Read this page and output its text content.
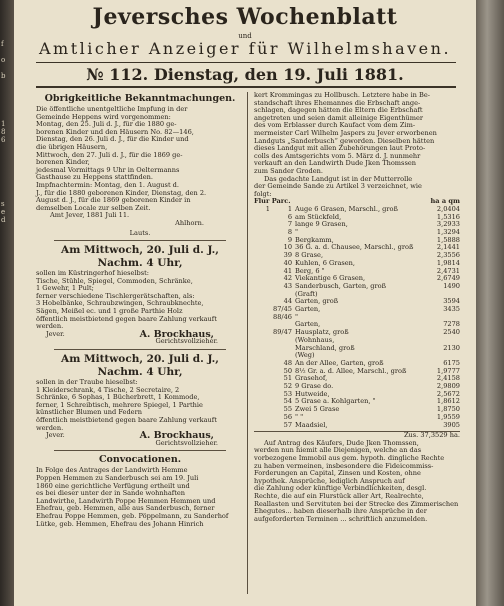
f
o
b
1
8
6
s
e
d
Jeversches Wochenblatt
und
Amtlicher Anzeiger für Wilhelmshaven.
№ 112. Dienstag, den 19. Juli 1881.
Obrigkeitliche Bekanntmachungen.

Die öffentliche unentgeltliche Impfung in der

Gemeinde Heppens wird vorgenommen:

Montag, den 25. Juli d. J., für die 1880 ge-

borenen Kinder und den Häusern No. 82—146,

Dienstag, den 26. Juli d. J., für die Kinder und

die übrigen Häusern,

Mittwoch, den 27. Juli d. J., für die 1869 ge-

borenen Kinder,

jedesmal Vormittags 9 Uhr in Oeltermanns

Gasthause zu Heppens stattfinden.

Impfnachtermin: Montag, den 1. August d.

J., für die 1880 geborenen Kinder, Dienstag, den 2.

August d. J., für die 1869 geborenen Kinder in

demselben Locale zur selben Zeit.

Amt Jever, 1881 Juli 11.

Ahlhorn.

Lauts.

Am Mittwoch, 20. Juli d. J.,
Nachm. 4 Uhr,

sollen im Küstringerhof hieselbst:

Tische, Stühle, Spiegel, Commoden, Schränke,

1 Gewehr, 1 Pult;

ferner verschiedene Tischlergerätschaften, als:

3 Hobelbänke, Schraubzwingen, Schraubknechte,

Sägen, Meißel ec. und 1 große Parthie Holz

öffentlich meistbietend gegen baare Zahlung verkauft

werden.

Jever.	A. Brockhaus,

Gerichtsvollzieher.

Am Mittwoch, 20. Juli d. J.,
Nachm. 4 Uhr,

sollen in der Traube hieselbst:

1 Kleiderschrank, 4 Tische, 2 Secretaire, 2

Schränke, 6 Sophas, 1 Bücherbrett, 1 Kommode,

ferner, 1 Schreibtisch, mehrere Spiegel, 1 Parthie

künstlicher Blumen und Federn

öffentlich meistbietend gegen baare Zahlung verkauft

werden.

Jever.	A. Brockhaus,

Gerichtsvollzieher.

Convocationen.

In Folge des Antrages der Landwirth Hemme

Poppen Hemmen zu Sanderbusch sei am 19. Juli

1860 eine gerichtliche Verfügung ertheilt und

es bei dieser unter der in Sande wohnhaften

Landwirthe, Landwirth Poppe Hemmen Hemmen und

Ehefrau, geb. Hemmen, alle aus Sanderbusch, ferner

Ehefrau Poppe Hemmen, geb. Pöppelmann, zu Sanderhof

Lütke, geb. Hemmen, Ehefrau des Johann Hinrich

kert Krommingas zu Hollbusch. Letztere habe in Be-

standschaft ihres Ehemannes die Erbschaft ange-

schlagen, dagegen hätten die Eltern die Erbschaft

angetreten und seien damit alleinige Eigenthümer

des vom Erblasser durch Kaufact vom dem Zim-

mermeister Carl Wilhelm Jaspers zu Jever erworbenen

Landguts „Sanderbusch“ geworden. Dieselben hätten

dieses Landgut mit allen Zubehörungen laut Proto-

colls des Amtsgerichts vom 5. März d. J. nunmehr

verkauft an den Landwirth Dude Jken Thomssen

zum Sander Groden.

Das gedachte Landgut ist in der Mutterrolle

der Gemeinde Sande zu Artikel 3 verzeichnet, wie

folgt:

Flur Parc.	ha a qm
1	1	Auge 6 Grasen, Marschl., groß	2,0404
	6	am Stückfeld,	1,5316
	7	lange 9 Grasen,	3,2933
	8	"	1,3294
	9	Bergkamm,	1,5888
	10	36 G. a. d. Chausee, Marschl., groß	2,1441
	39	8 Grase,	2,3556
	40	Kuhlen, 6 Grasen,	1,9814
	41	Berg, 6 "	2,4731
	42	Viekantige 6 Grasen,	2,6749
	43	Sanderbusch, Garten, groß	1490
		(Graft)	
	44	Garten, groß	3594
	87/45	Garten,	3435
	88/46	"	
		Garten,	7278
	89/47	Hausplatz, groß	2540
		(Wohnhaus,	
		Marschland, groß	2130
		(Weg)	
	48	An der Allee, Garten, groß	6175
	50	8½ Gr. a. d. Allee, Marschl., groß	1,9777
	51	Grasehof,	2,4158
	52	9 Grase do.	2,9809
	53	Hutweide,	2,5672
	54	5 Grase a. Kohlgarten, "	1,8612
	55	Zwei 5 Grase	1,8750
	56	" "	1,9559
	57	Maadsiel,	3905
Zus. 37,3529 ha.

Auf Antrag des Käufers, Dude Jken Thomssen,

werden nun hiemit alle Diejenigen, welche an das

vorbezogene Immobil aus gem. hypoth. dingliche Rechte

zu haben vermeinen, insbesondere die Fideicommiss-

Forderungen an Capital, Zinsen und Kosten, ohne

hypothek. Ansprüche, lediglich Anspruch auf

die Zahlung oder künftige Verbindlichkeiten, desgl.

Rechte, die auf ein Flurstück aller Art, Realrechte,

Reallasten und Servituten bei der Strecke des Zimmerischen

Ehegutes... haben dieserhalb ihre Ansprüche in der

aufgeforderten Terminen ... schriftlich anzumelden.
